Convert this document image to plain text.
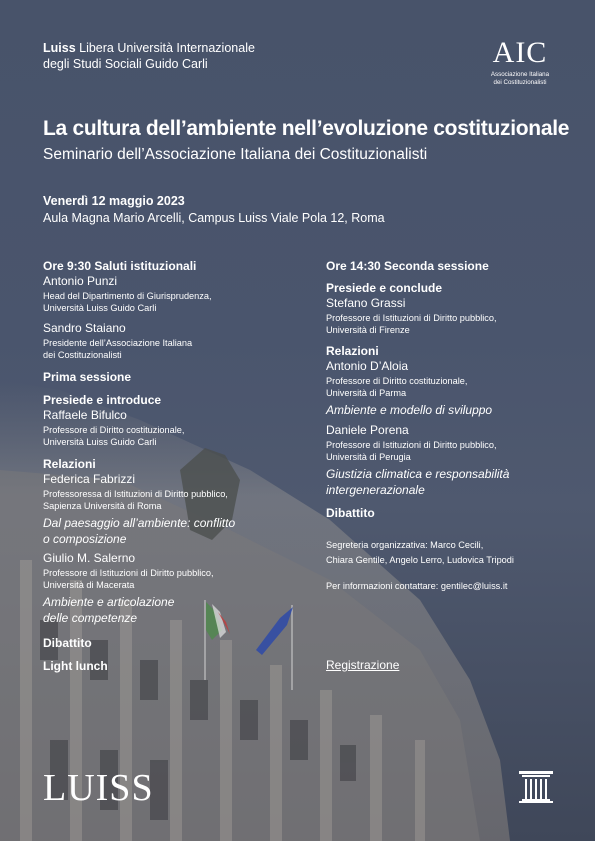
Luiss Libera Università Internazionale
degli Studi Sociali Guido Carli	AIC
Associazione Italiana
dei Costituzionalisti
La cultura dell’ambiente nell’evoluzione costituzionale
Seminario dell’Associazione Italiana dei Costituzionalisti
Venerdì 12 maggio 2023
Aula Magna Mario Arcelli, Campus Luiss Viale Pola 12, Roma
Ore 9:30 Saluti istituzionali
Antonio Punzi
Head del Dipartimento di Giurisprudenza,
Università Luiss Guido Carli
Sandro Staiano
Presidente dell’Associazione Italiana
dei Costituzionalisti
Prima sessione
Presiede e introduce
Raffaele Bifulco
Professore di Diritto costituzionale,
Università Luiss Guido Carli
Relazioni
Federica Fabrizzi
Professoressa di Istituzioni di Diritto pubblico,
Sapienza Università di Roma
Dal paesaggio all’ambiente: conflitto
o composizione
Giulio M. Salerno
Professore di Istituzioni di Diritto pubblico,
Università di Macerata
Ambiente e articolazione
delle competenze
Dibattito
Light lunch
Ore 14:30 Seconda sessione
Presiede e conclude
Stefano Grassi
Professore di Istituzioni di Diritto pubblico,
Università di Firenze
Relazioni
Antonio D’Aloia
Professore di Diritto costituzionale,
Università di Parma
Ambiente e modello di sviluppo
Daniele Porena
Professore di Istituzioni di Diritto pubblico,
Università di Perugia
Giustizia climatica e responsabilità
intergenerazionale
Dibattito
Segreteria organizzativa: Marco Cecili,
Chiara Gentile, Angelo Lerro, Ludovica Tripodi
Per informazioni contattare: gentilec@luiss.it
Registrazione
LUISS
